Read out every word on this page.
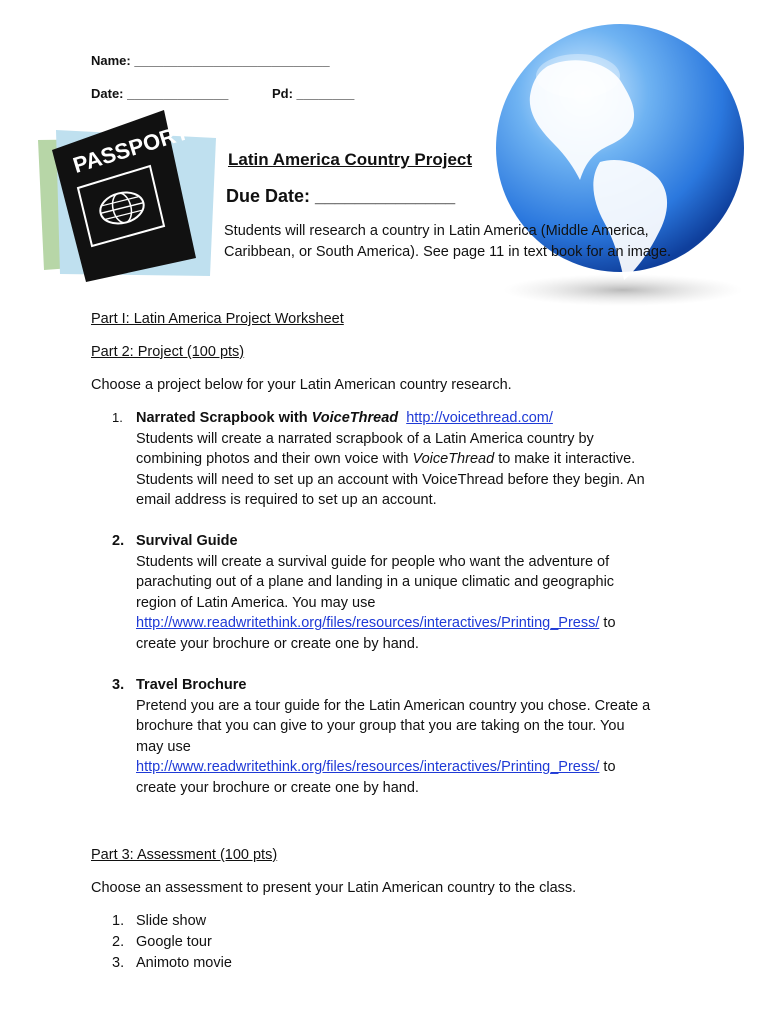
Name: ___________________________
Date: ______________	Pd: ________
PASSPORT Latin America Country Project
Due Date: ______________
Students will research a country in Latin America (Middle America,
Caribbean, or South America). See page 11 in text book for an image.
Part I: Latin America Project Worksheet
Part 2: Project (100 pts)
Choose a project below for your Latin American country research.
1. Narrated Scrapbook with VoiceThread http://voicethread.com/
Students will create a narrated scrapbook of a Latin America country by
combining photos and their own voice with VoiceThread to make it interactive.
Students will need to set up an account with VoiceThread before they begin. An
email address is required to set up an account.
2. Survival Guide
Students will create a survival guide for people who want the adventure of
parachuting out of a plane and landing in a unique climatic and geographic
region of Latin America. You may use
http://www.readwritethink.org/files/resources/interactives/Printing_Press/ to
create your brochure or create one by hand.
3. Travel Brochure
Pretend you are a tour guide for the Latin American country you chose. Create a
brochure that you can give to your group that you are taking on the tour. You
may use
http://www.readwritethink.org/files/resources/interactives/Printing_Press/ to
create your brochure or create one by hand.
Part 3: Assessment (100 pts)
Choose an assessment to present your Latin American country to the class.
1. Slide show
2. Google tour
3. Animoto movie
